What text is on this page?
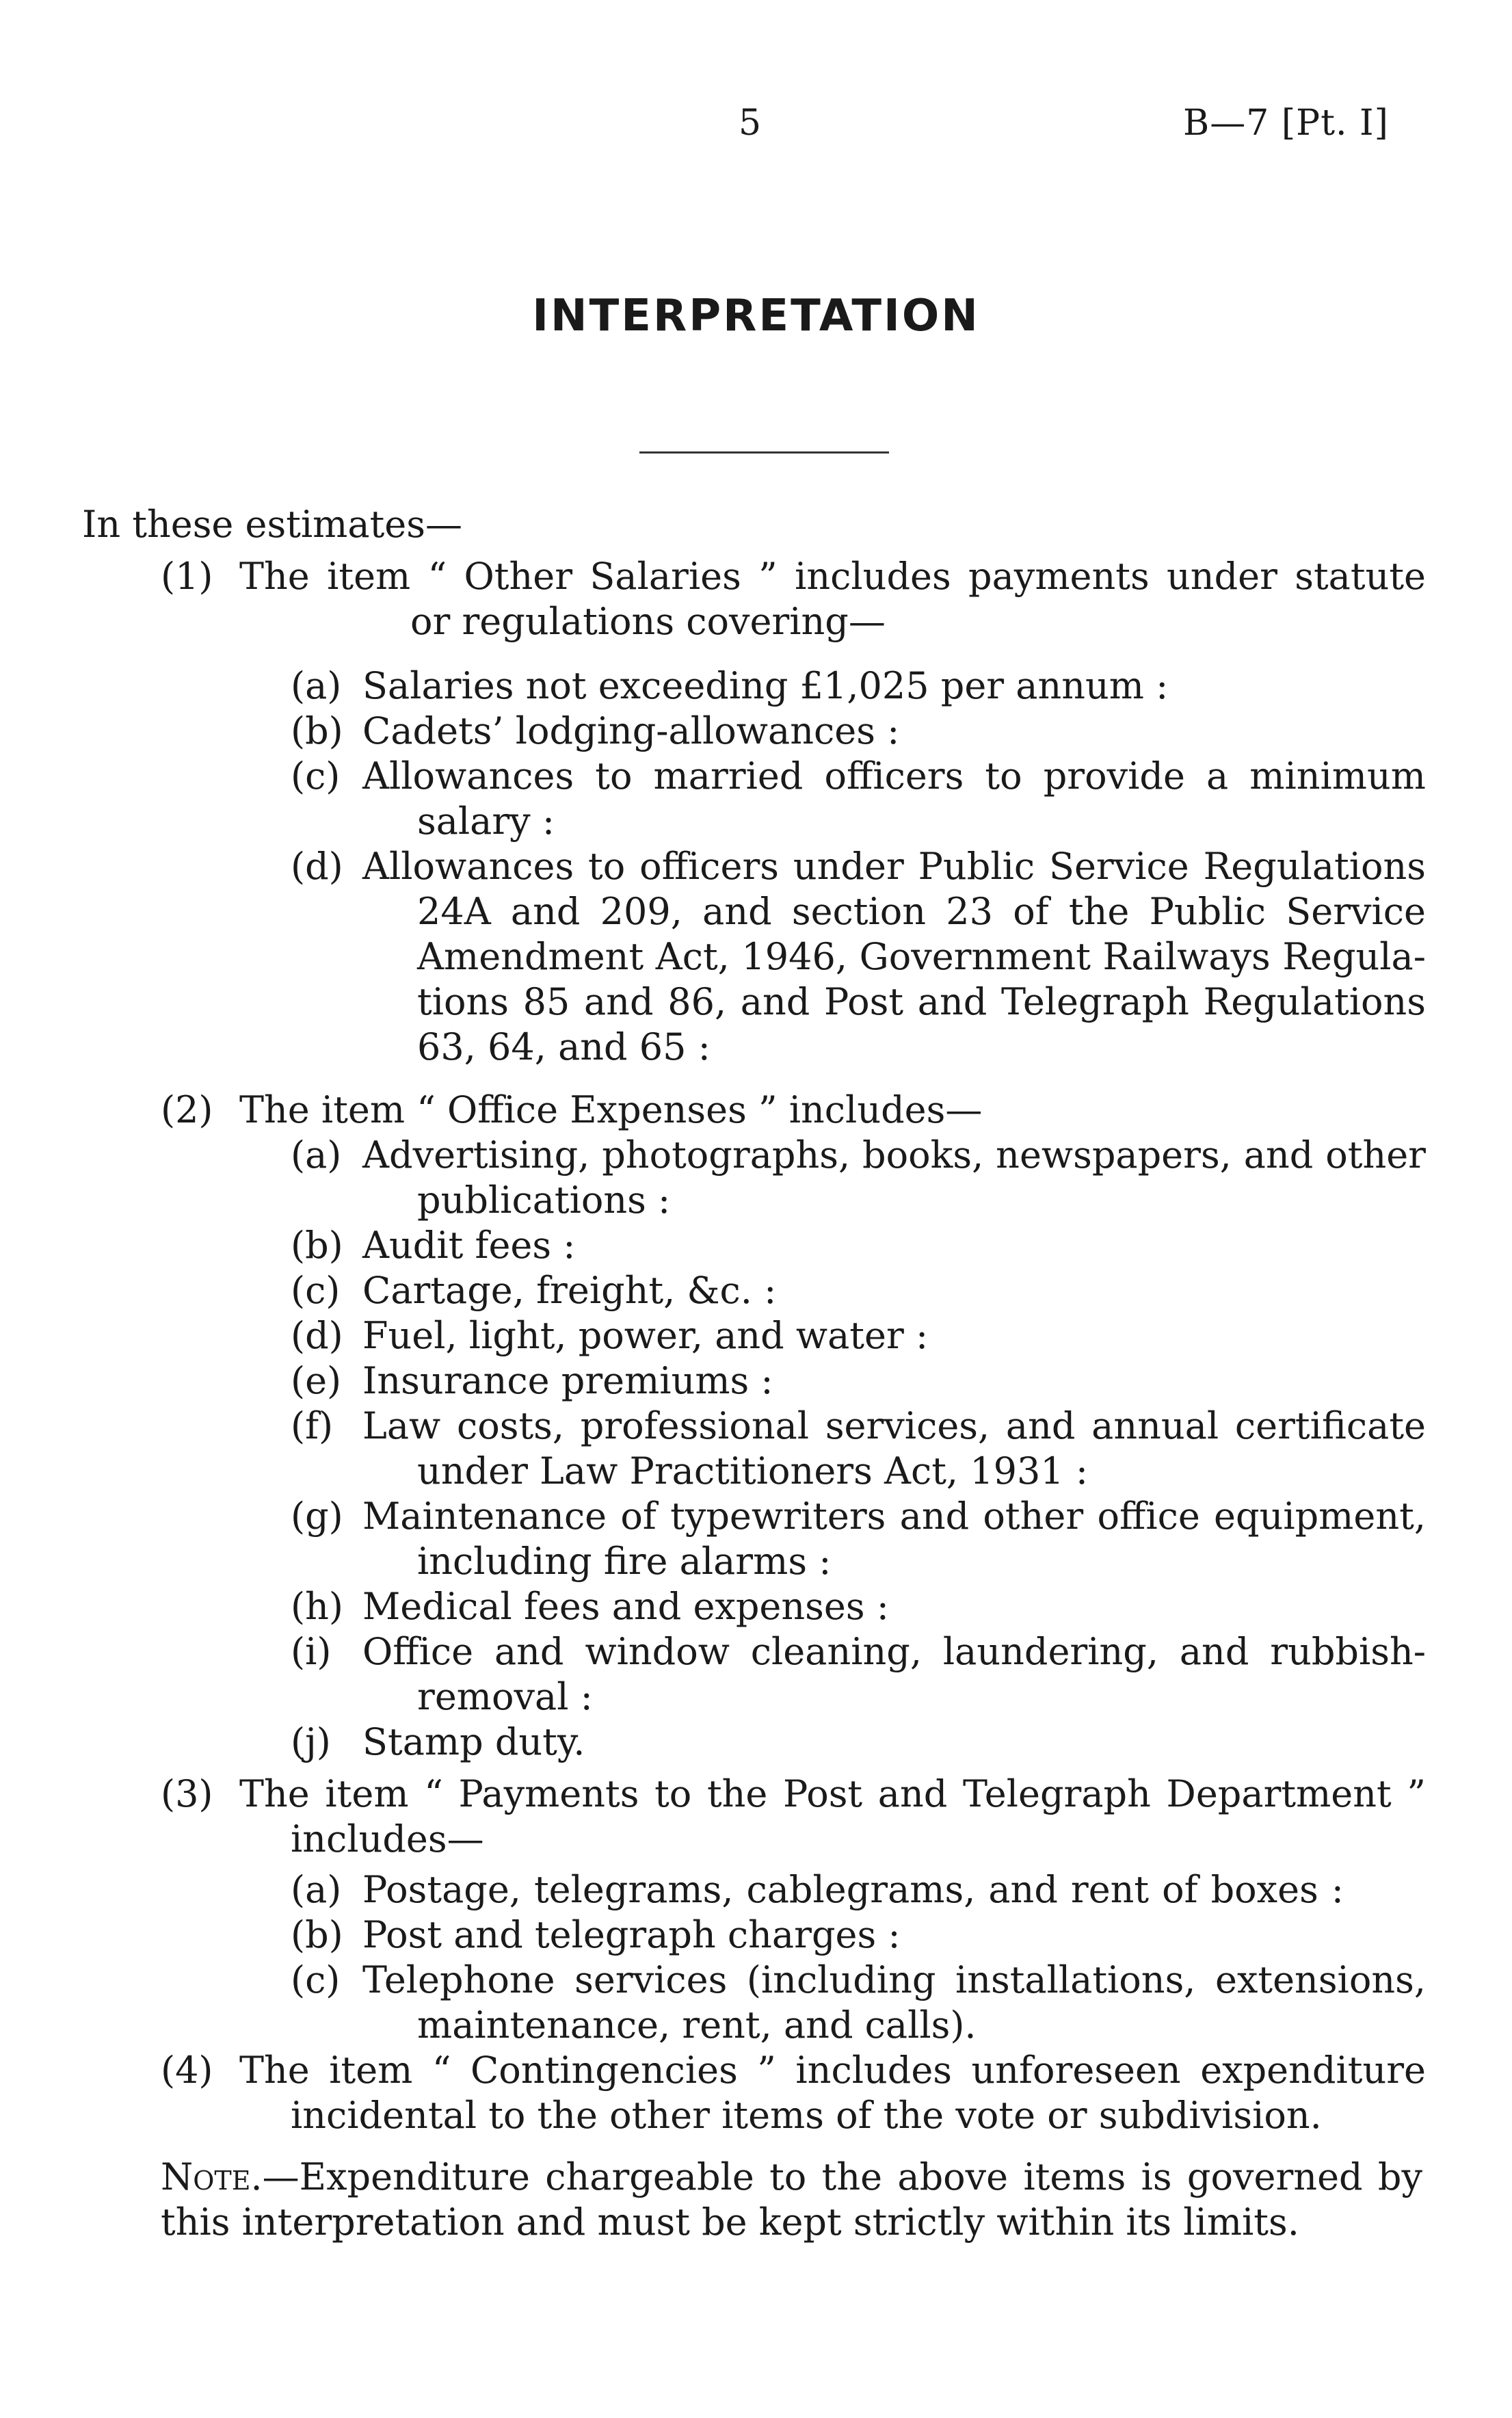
5	B—7 [Pt. I]
INTERPRETATION
In these estimates—
(1) The item “ Other Salaries ” includes payments under statute
or regulations covering—
(a) Salaries not exceeding £1,025 per annum :
(b) Cadets’ lodging-allowances :
(c) Allowances to married officers to provide a minimum
salary :
(d) Allowances to officers under Public Service Regulations
24A and 209, and section 23 of the Public Service
Amendment Act, 1946, Government Railways Regula-
tions 85 and 86, and Post and Telegraph Regulations
63, 64, and 65 :
(2) The item “ Office Expenses ” includes—
(a) Advertising, photographs, books, newspapers, and other
publications :
(b) Audit fees :
(c) Cartage, freight, &c. :
(d) Fuel, light, power, and water :
(e) Insurance premiums :
(f) Law costs, professional services, and annual certificate
under Law Practitioners Act, 1931 :
(g) Maintenance of typewriters and other office equipment,
including fire alarms :
(h) Medical fees and expenses :
(i) Office and window cleaning, laundering, and rubbish-
removal :
(j) Stamp duty.
(3) The item “ Payments to the Post and Telegraph Department ”
includes—
(a) Postage, telegrams, cablegrams, and rent of boxes :
(b) Post and telegraph charges :
(c) Telephone services (including installations, extensions,
maintenance, rent, and calls).
(4) The item “ Contingencies ” includes unforeseen expenditure
incidental to the other items of the vote or subdivision.
Note.—Expenditure chargeable to the above items is governed by this interpretation and must be kept strictly within its limits.
